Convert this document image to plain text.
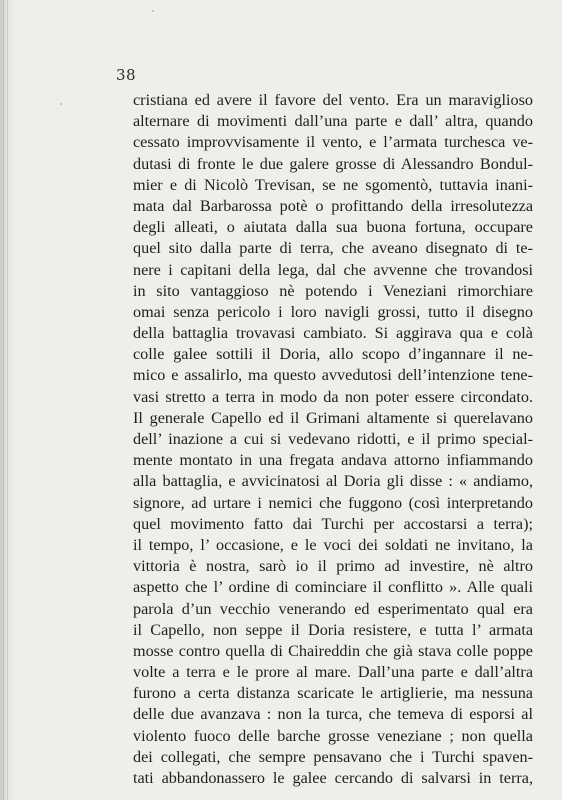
38
cristiana ed avere il favore del vento. Era un maraviglioso
alternare di movimenti dall’una parte e dall’ altra, quando
cessato improvvisamente il vento, e l’armata turchesca ve-
dutasi di fronte le due galere grosse di Alessandro Bondul-
mier e di Nicolò Trevisan, se ne sgomentò, tuttavia inani-
mata dal Barbarossa potè o profittando della irresolutezza
degli alleati, o aiutata dalla sua buona fortuna, occupare
quel sito dalla parte di terra, che aveano disegnato di te-
nere i capitani della lega, dal che avvenne che trovandosi
in sito vantaggioso nè potendo i Veneziani rimorchiare
omai senza pericolo i loro navigli grossi, tutto il disegno
della battaglia trovavasi cambiato. Si aggirava qua e colà
colle galee sottili il Doria, allo scopo d’ingannare il ne-
mico e assalirlo, ma questo avvedutosi dell’intenzione tene-
vasi stretto a terra in modo da non poter essere circondato.
Il generale Capello ed il Grimani altamente si querelavano
dell’ inazione a cui si vedevano ridotti, e il primo special-
mente montato in una fregata andava attorno infiammando
alla battaglia, e avvicinatosi al Doria gli disse : « andiamo,
signore, ad urtare i nemici che fuggono (così interpretando
quel movimento fatto dai Turchi per accostarsi a terra);
il tempo, l’ occasione, e le voci dei soldati ne invitano, la
vittoria è nostra, sarò io il primo ad investire, nè altro
aspetto che l’ ordine di cominciare il conflitto ». Alle quali
parola d’un vecchio venerando ed esperimentato qual era
il Capello, non seppe il Doria resistere, e tutta l’ armata
mosse contro quella di Chaireddin che già stava colle poppe
volte a terra e le prore al mare. Dall’una parte e dall’altra
furono a certa distanza scaricate le artiglierie, ma nessuna
delle due avanzava : non la turca, che temeva di esporsi al
violento fuoco delle barche grosse veneziane ; non quella
dei collegati, che sempre pensavano che i Turchi spaven-
tati abbandonassero le galee cercando di salvarsi in terra,
